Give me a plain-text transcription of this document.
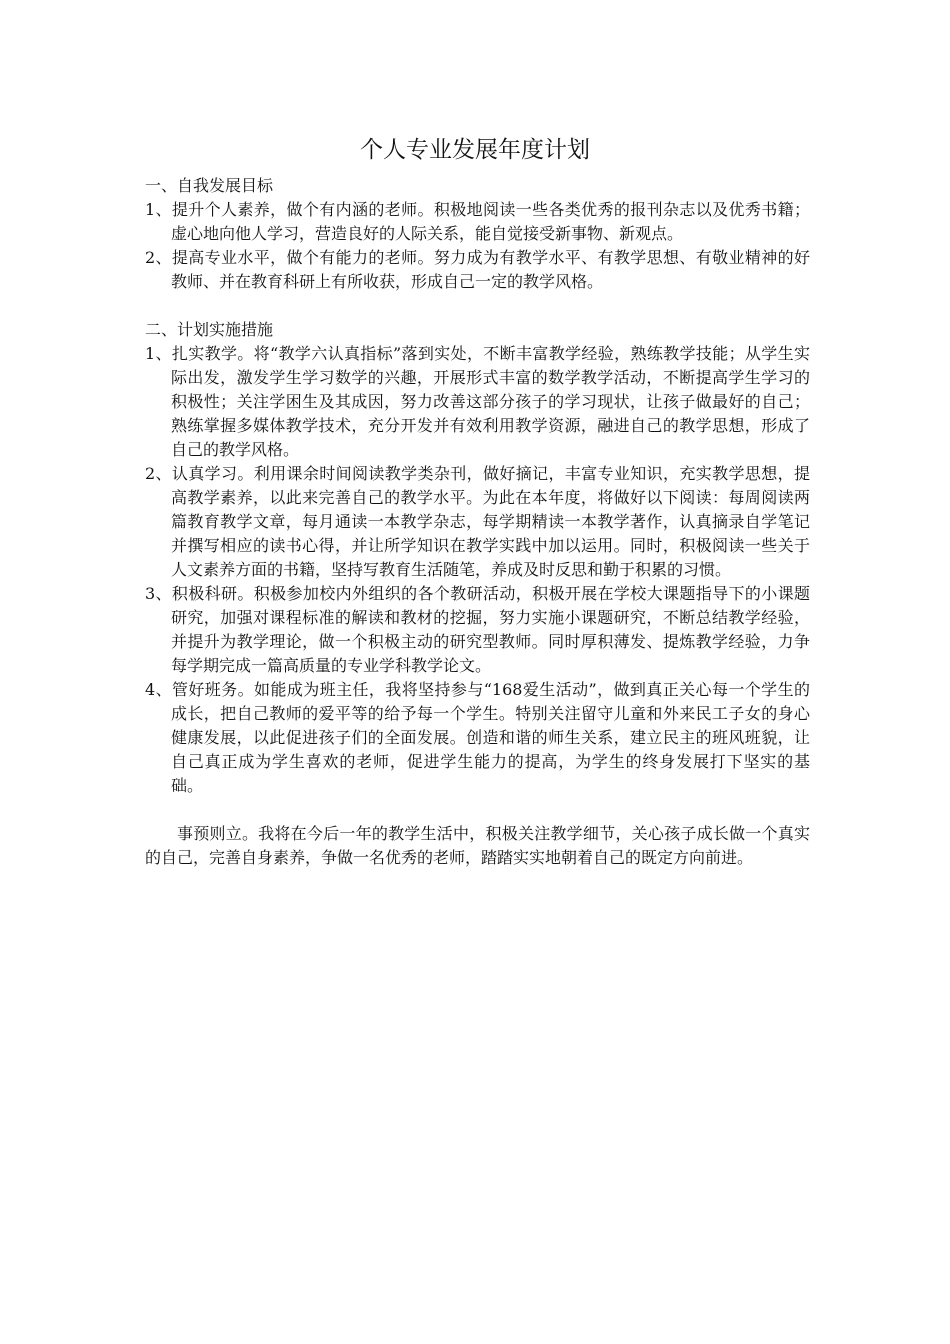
个人专业发展年度计划

一、自我发展目标

1、提升个人素养，做个有内涵的老师。积极地阅读一些各类优秀的报刊杂志以及优秀书籍；虚心地向他人学习，营造良好的人际关系，能自觉接受新事物、新观点。

2、提高专业水平，做个有能力的老师。努力成为有教学水平、有教学思想、有敬业精神的好教师、并在教育科研上有所收获，形成自己一定的教学风格。

二、计划实施措施

1、扎实教学。将“教学六认真指标”落到实处，不断丰富教学经验，熟练教学技能；从学生实际出发，激发学生学习数学的兴趣，开展形式丰富的数学教学活动，不断提高学生学习的积极性；关注学困生及其成因，努力改善这部分孩子的学习现状，让孩子做最好的自己；熟练掌握多媒体教学技术，充分开发并有效利用教学资源，融进自己的教学思想，形成了自己的教学风格。

2、认真学习。利用课余时间阅读教学类杂刊，做好摘记，丰富专业知识，充实教学思想，提高教学素养，以此来完善自己的教学水平。为此在本年度，将做好以下阅读：每周阅读两篇教育教学文章，每月通读一本教学杂志，每学期精读一本教学著作，认真摘录自学笔记并撰写相应的读书心得，并让所学知识在教学实践中加以运用。同时，积极阅读一些关于人文素养方面的书籍，坚持写教育生活随笔，养成及时反思和勤于积累的习惯。

3、积极科研。积极参加校内外组织的各个教研活动，积极开展在学校大课题指导下的小课题研究，加强对课程标准的解读和教材的挖掘，努力实施小课题研究，不断总结教学经验，并提升为教学理论，做一个积极主动的研究型教师。同时厚积薄发、提炼教学经验，力争每学期完成一篇高质量的专业学科教学论文。

4、管好班务。如能成为班主任，我将坚持参与“168爱生活动”，做到真正关心每一个学生的成长，把自己教师的爱平等的给予每一个学生。特别关注留守儿童和外来民工子女的身心健康发展，以此促进孩子们的全面发展。创造和谐的师生关系，建立民主的班风班貌，让自己真正成为学生喜欢的老师，促进学生能力的提高，为学生的终身发展打下坚实的基础。

事预则立。我将在今后一年的教学生活中，积极关注教学细节，关心孩子成长做一个真实的自己，完善自身素养，争做一名优秀的老师，踏踏实实地朝着自己的既定方向前进。
